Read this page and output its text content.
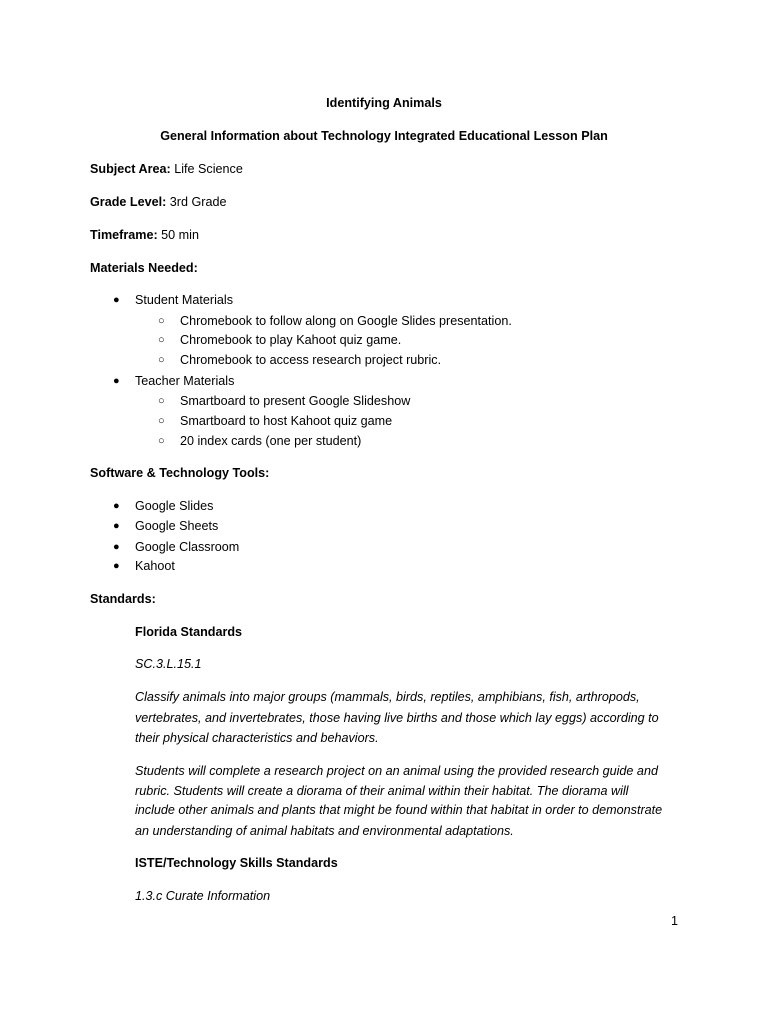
Identifying Animals
General Information about Technology Integrated Educational Lesson Plan
Subject Area: Life Science
Grade Level: 3rd Grade
Timeframe: 50 min
Materials Needed:
● Student Materials
○ Chromebook to follow along on Google Slides presentation.
○ Chromebook to play Kahoot quiz game.
○ Chromebook to access research project rubric.
● Teacher Materials
○ Smartboard to present Google Slideshow
○ Smartboard to host Kahoot quiz game
○ 20 index cards (one per student)
Software & Technology Tools:
● Google Slides
● Google Sheets
● Google Classroom
● Kahoot
Standards:
Florida Standards
SC.3.L.15.1
Classify animals into major groups (mammals, birds, reptiles, amphibians, fish, arthropods,
vertebrates, and invertebrates, those having live births and those which lay eggs) according to
their physical characteristics and behaviors.
Students will complete a research project on an animal using the provided research guide and
rubric. Students will create a diorama of their animal within their habitat. The diorama will
include other animals and plants that might be found within that habitat in order to demonstrate
an understanding of animal habitats and environmental adaptations.
ISTE/Technology Skills Standards
1.3.c Curate Information
1
